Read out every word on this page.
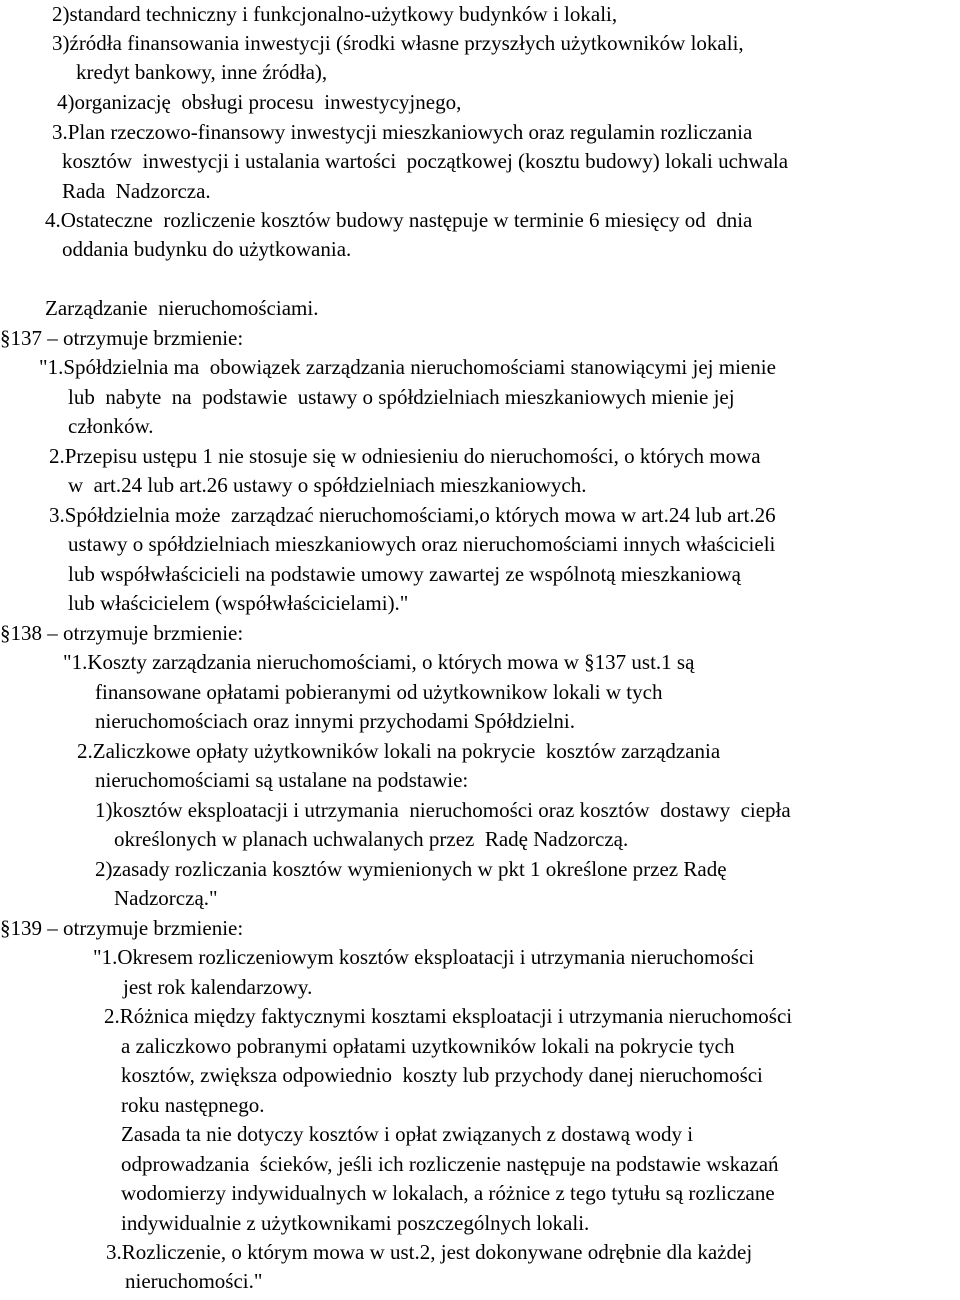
2)standard techniczny i funkcjonalno-użytkowy budynków i lokali,
3)źródła finansowania inwestycji (środki własne przyszłych użytkowników lokali,
kredyt bankowy, inne źródła),
4)organizację  obsługi procesu  inwestycyjnego,
3.Plan rzeczowo-finansowy inwestycji mieszkaniowych oraz regulamin rozliczania
kosztów  inwestycji i ustalania wartości  początkowej (kosztu budowy) lokali uchwala
Rada  Nadzorcza.
4.Ostateczne  rozliczenie kosztów budowy następuje w terminie 6 miesięcy od  dnia
oddania budynku do użytkowania.
Zarządzanie  nieruchomościami.
§137 – otrzymuje brzmienie:
"1.Spółdzielnia ma  obowiązek zarządzania nieruchomościami stanowiącymi jej mienie
lub  nabyte  na  podstawie  ustawy o spółdzielniach mieszkaniowych mienie jej
członków.
2.Przepisu ustępu 1 nie stosuje się w odniesieniu do nieruchomości, o których mowa
w  art.24 lub art.26 ustawy o spółdzielniach mieszkaniowych.
3.Spółdzielnia może  zarządzać nieruchomościami,o których mowa w art.24 lub art.26
ustawy o spółdzielniach mieszkaniowych oraz nieruchomościami innych właścicieli
lub współwłaścicieli na podstawie umowy zawartej ze wspólnotą mieszkaniową
lub właścicielem (współwłaścicielami)."
§138 – otrzymuje brzmienie:
"1.Koszty zarządzania nieruchomościami, o których mowa w §137 ust.1 są
finansowane opłatami pobieranymi od użytkownikow lokali w tych
nieruchomościach oraz innymi przychodami Spółdzielni.
2.Zaliczkowe opłaty użytkowników lokali na pokrycie  kosztów zarządzania
nieruchomościami są ustalane na podstawie:
1)kosztów eksploatacji i utrzymania  nieruchomości oraz kosztów  dostawy  ciepła
określonych w planach uchwalanych przez  Radę Nadzorczą.
2)zasady rozliczania kosztów wymienionych w pkt 1 określone przez Radę
Nadzorczą."
§139 – otrzymuje brzmienie:
"1.Okresem rozliczeniowym kosztów eksploatacji i utrzymania nieruchomości
jest rok kalendarzowy.
2.Różnica między faktycznymi kosztami eksploatacji i utrzymania nieruchomości
a zaliczkowo pobranymi opłatami uzytkowników lokali na pokrycie tych
kosztów, zwiększa odpowiednio  koszty lub przychody danej nieruchomości
roku następnego.
Zasada ta nie dotyczy kosztów i opłat związanych z dostawą wody i
odprowadzania  ścieków, jeśli ich rozliczenie następuje na podstawie wskazań
wodomierzy indywidualnych w lokalach, a różnice z tego tytułu są rozliczane
indywidualnie z użytkownikami poszczególnych lokali.
3.Rozliczenie, o którym mowa w ust.2, jest dokonywane odrębnie dla każdej
nieruchomości."
